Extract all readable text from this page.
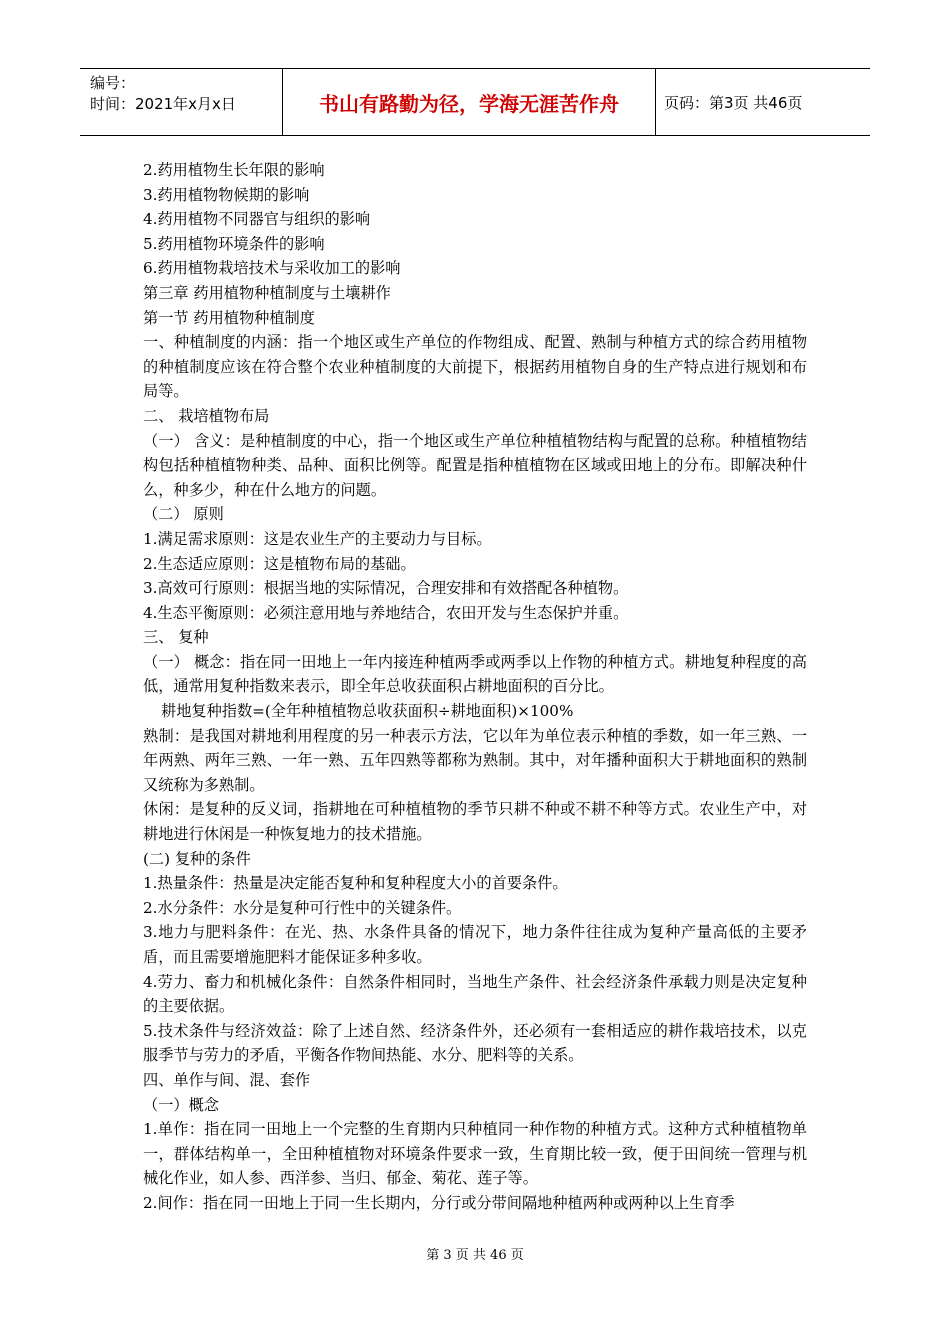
编号：
时间：2021年x月x日	书山有路勤为径，学海无涯苦作舟	页码：第3页 共46页

2.药用植物生长年限的影响

3.药用植物物候期的影响

4.药用植物不同器官与组织的影响

5.药用植物环境条件的影响

6.药用植物栽培技术与采收加工的影响

第三章 药用植物种植制度与土壤耕作

第一节 药用植物种植制度

一、种植制度的内涵：指一个地区或生产单位的作物组成、配置、熟制与种植方式的综合药用植物的种植制度应该在符合整个农业种植制度的大前提下，根据药用植物自身的生产特点进行规划和布局等。

二、 栽培植物布局

（一） 含义：是种植制度的中心，指一个地区或生产单位种植植物结构与配置的总称。种植植物结构包括种植植物种类、品种、面积比例等。配置是指种植植物在区域或田地上的分布。即解决种什么，种多少，种在什么地方的问题。

（二） 原则

1.满足需求原则：这是农业生产的主要动力与目标。

2.生态适应原则：这是植物布局的基础。

3.高效可行原则：根据当地的实际情况，合理安排和有效搭配各种植物。

4.生态平衡原则：必须注意用地与养地结合，农田开发与生态保护并重。

三、 复种

（一） 概念：指在同一田地上一年内接连种植两季或两季以上作物的种植方式。耕地复种程度的高低，通常用复种指数来表示，即全年总收获面积占耕地面积的百分比。

耕地复种指数=(全年种植植物总收获面积÷耕地面积)×100%

熟制：是我国对耕地利用程度的另一种表示方法，它以年为单位表示种植的季数，如一年三熟、一年两熟、两年三熟、一年一熟、五年四熟等都称为熟制。其中，对年播种面积大于耕地面积的熟制又统称为多熟制。

休闲：是复种的反义词，指耕地在可种植植物的季节只耕不种或不耕不种等方式。农业生产中，对耕地进行休闲是一种恢复地力的技术措施。

(二) 复种的条件

1.热量条件：热量是决定能否复种和复种程度大小的首要条件。

2.水分条件：水分是复种可行性中的关键条件。

3.地力与肥料条件：在光、热、水条件具备的情况下，地力条件往往成为复种产量高低的主要矛盾，而且需要增施肥料才能保证多种多收。

4.劳力、畜力和机械化条件：自然条件相同时，当地生产条件、社会经济条件承载力则是决定复种的主要依据。

5.技术条件与经济效益：除了上述自然、经济条件外，还必须有一套相适应的耕作栽培技术，以克服季节与劳力的矛盾，平衡各作物间热能、水分、肥料等的关系。

四、单作与间、混、套作

（一）概念

1.单作：指在同一田地上一个完整的生育期内只种植同一种作物的种植方式。这种方式种植植物单一，群体结构单一，全田种植植物对环境条件要求一致，生育期比较一致，便于田间统一管理与机械化作业，如人参、西洋参、当归、郁金、菊花、莲子等。

2.间作：指在同一田地上于同一生长期内，分行或分带间隔地种植两种或两种以上生育季

第 3 页 共 46 页
